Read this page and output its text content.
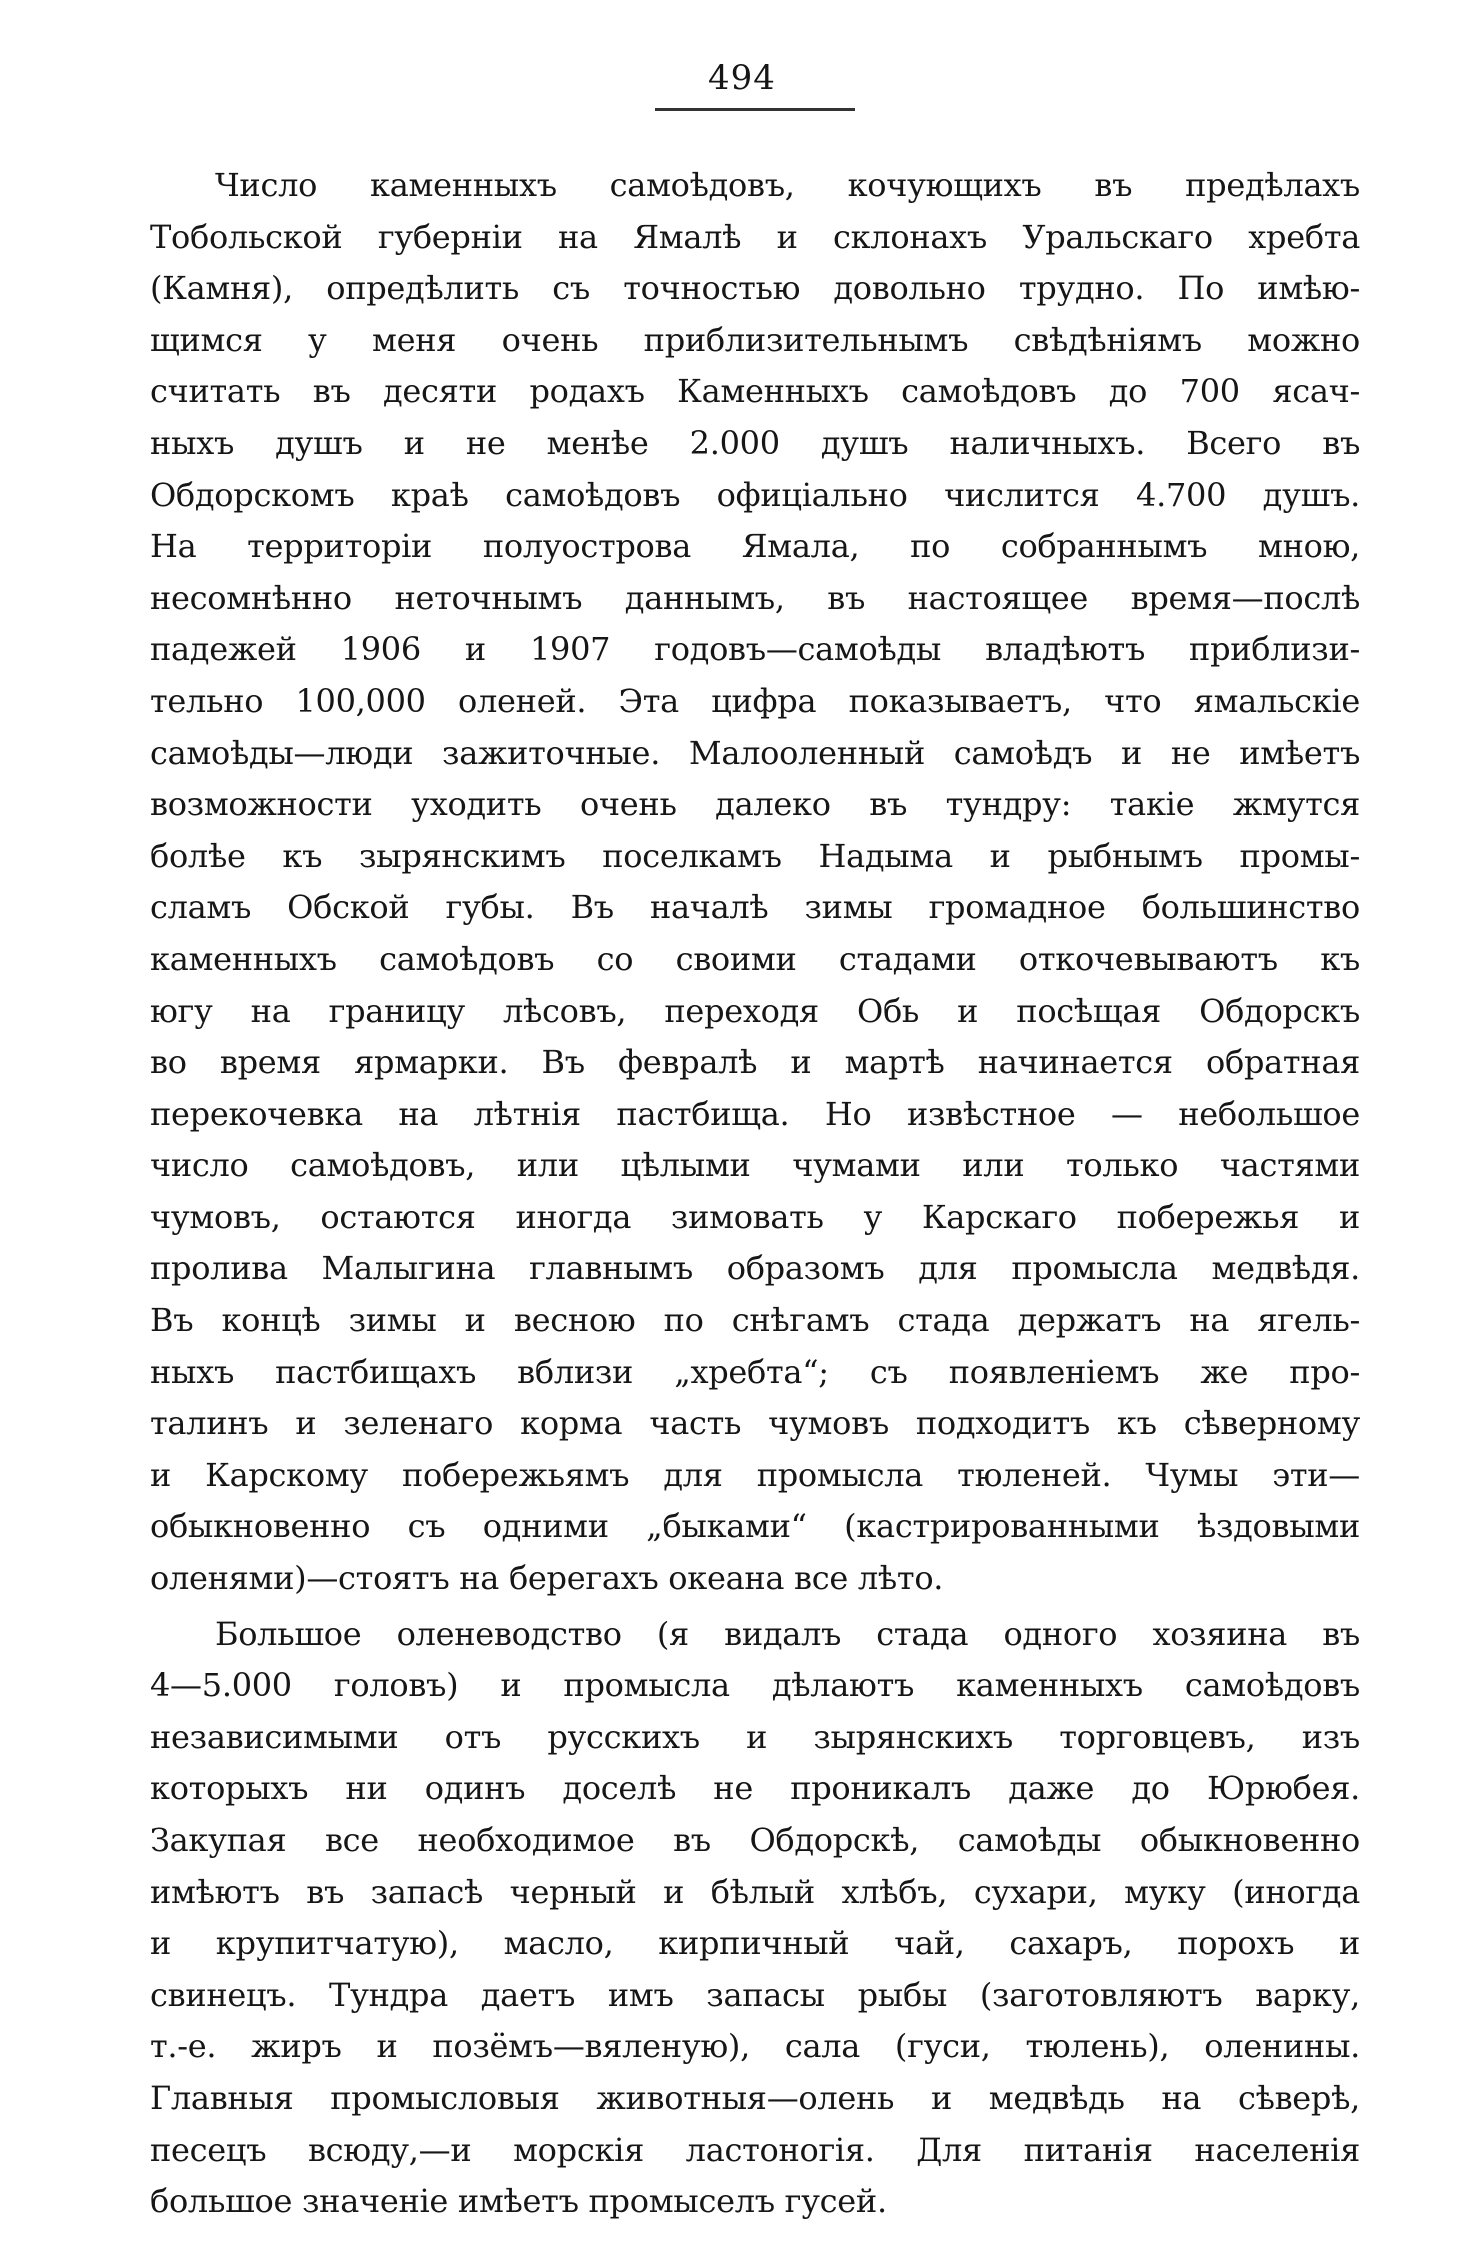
494
Число каменныхъ самоѣдовъ, кочующихъ въ предѣлахъ
Тобольской губерніи на Ямалѣ и склонахъ Уральскаго хребта
(Камня), опредѣлить съ точностью довольно трудно. По имѣю-
щимся у меня очень приблизительнымъ свѣдѣніямъ можно
считать въ десяти родахъ Каменныхъ самоѣдовъ до 700 ясач-
ныхъ душъ и не менѣе 2.000 душъ наличныхъ. Всего въ
Обдорскомъ краѣ самоѣдовъ офиціально числится 4.700 душъ.
На территоріи полуострова Ямала, по собраннымъ мною,
несомнѣнно неточнымъ даннымъ, въ настоящее время—послѣ
падежей 1906 и 1907 годовъ—самоѣды владѣютъ приблизи-
тельно 100,000 оленей. Эта цифра показываетъ, что ямальскіе
самоѣды—люди зажиточные. Малооленный самоѣдъ и не имѣетъ
возможности уходить очень далеко въ тундру: такіе жмутся
болѣе къ зырянскимъ поселкамъ Надыма и рыбнымъ промы-
сламъ Обской губы. Въ началѣ зимы громадное большинство
каменныхъ самоѣдовъ со своими стадами откочевываютъ къ
югу на границу лѣсовъ, переходя Обь и посѣщая Обдорскъ
во время ярмарки. Въ февралѣ и мартѣ начинается обратная
перекочевка на лѣтнія пастбища. Но извѣстное — небольшое
число самоѣдовъ, или цѣлыми чумами или только частями
чумовъ, остаются иногда зимовать у Карскаго побережья и
пролива Малыгина главнымъ образомъ для промысла медвѣдя.
Въ концѣ зимы и весною по снѣгамъ стада держатъ на ягель-
ныхъ пастбищахъ вблизи „хребта“; съ появленіемъ же про-
талинъ и зеленаго корма часть чумовъ подходитъ къ сѣверному
и Карскому побережьямъ для промысла тюленей. Чумы эти—
обыкновенно съ одними „быками“ (кастрированными ѣздовыми
оленями)—стоятъ на берегахъ океана все лѣто.
Большое оленеводство (я видалъ стада одного хозяина въ
4—5.000 головъ) и промысла дѣлаютъ каменныхъ самоѣдовъ
независимыми отъ русскихъ и зырянскихъ торговцевъ, изъ
которыхъ ни одинъ доселѣ не проникалъ даже до Юрюбея.
Закупая все необходимое въ Обдорскѣ, самоѣды обыкновенно
имѣютъ въ запасѣ черный и бѣлый хлѣбъ, сухари, муку (иногда
и крупитчатую), масло, кирпичный чай, сахаръ, порохъ и
свинецъ. Тундра даетъ имъ запасы рыбы (заготовляютъ варку,
т.-е. жиръ и позёмъ—вяленую), сала (гуси, тюлень), оленины.
Главныя промысловыя животныя—олень и медвѣдь на сѣверѣ,
песецъ всюду,—и морскія ластоногія. Для питанія населенія
большое значеніе имѣетъ промыселъ гусей.
